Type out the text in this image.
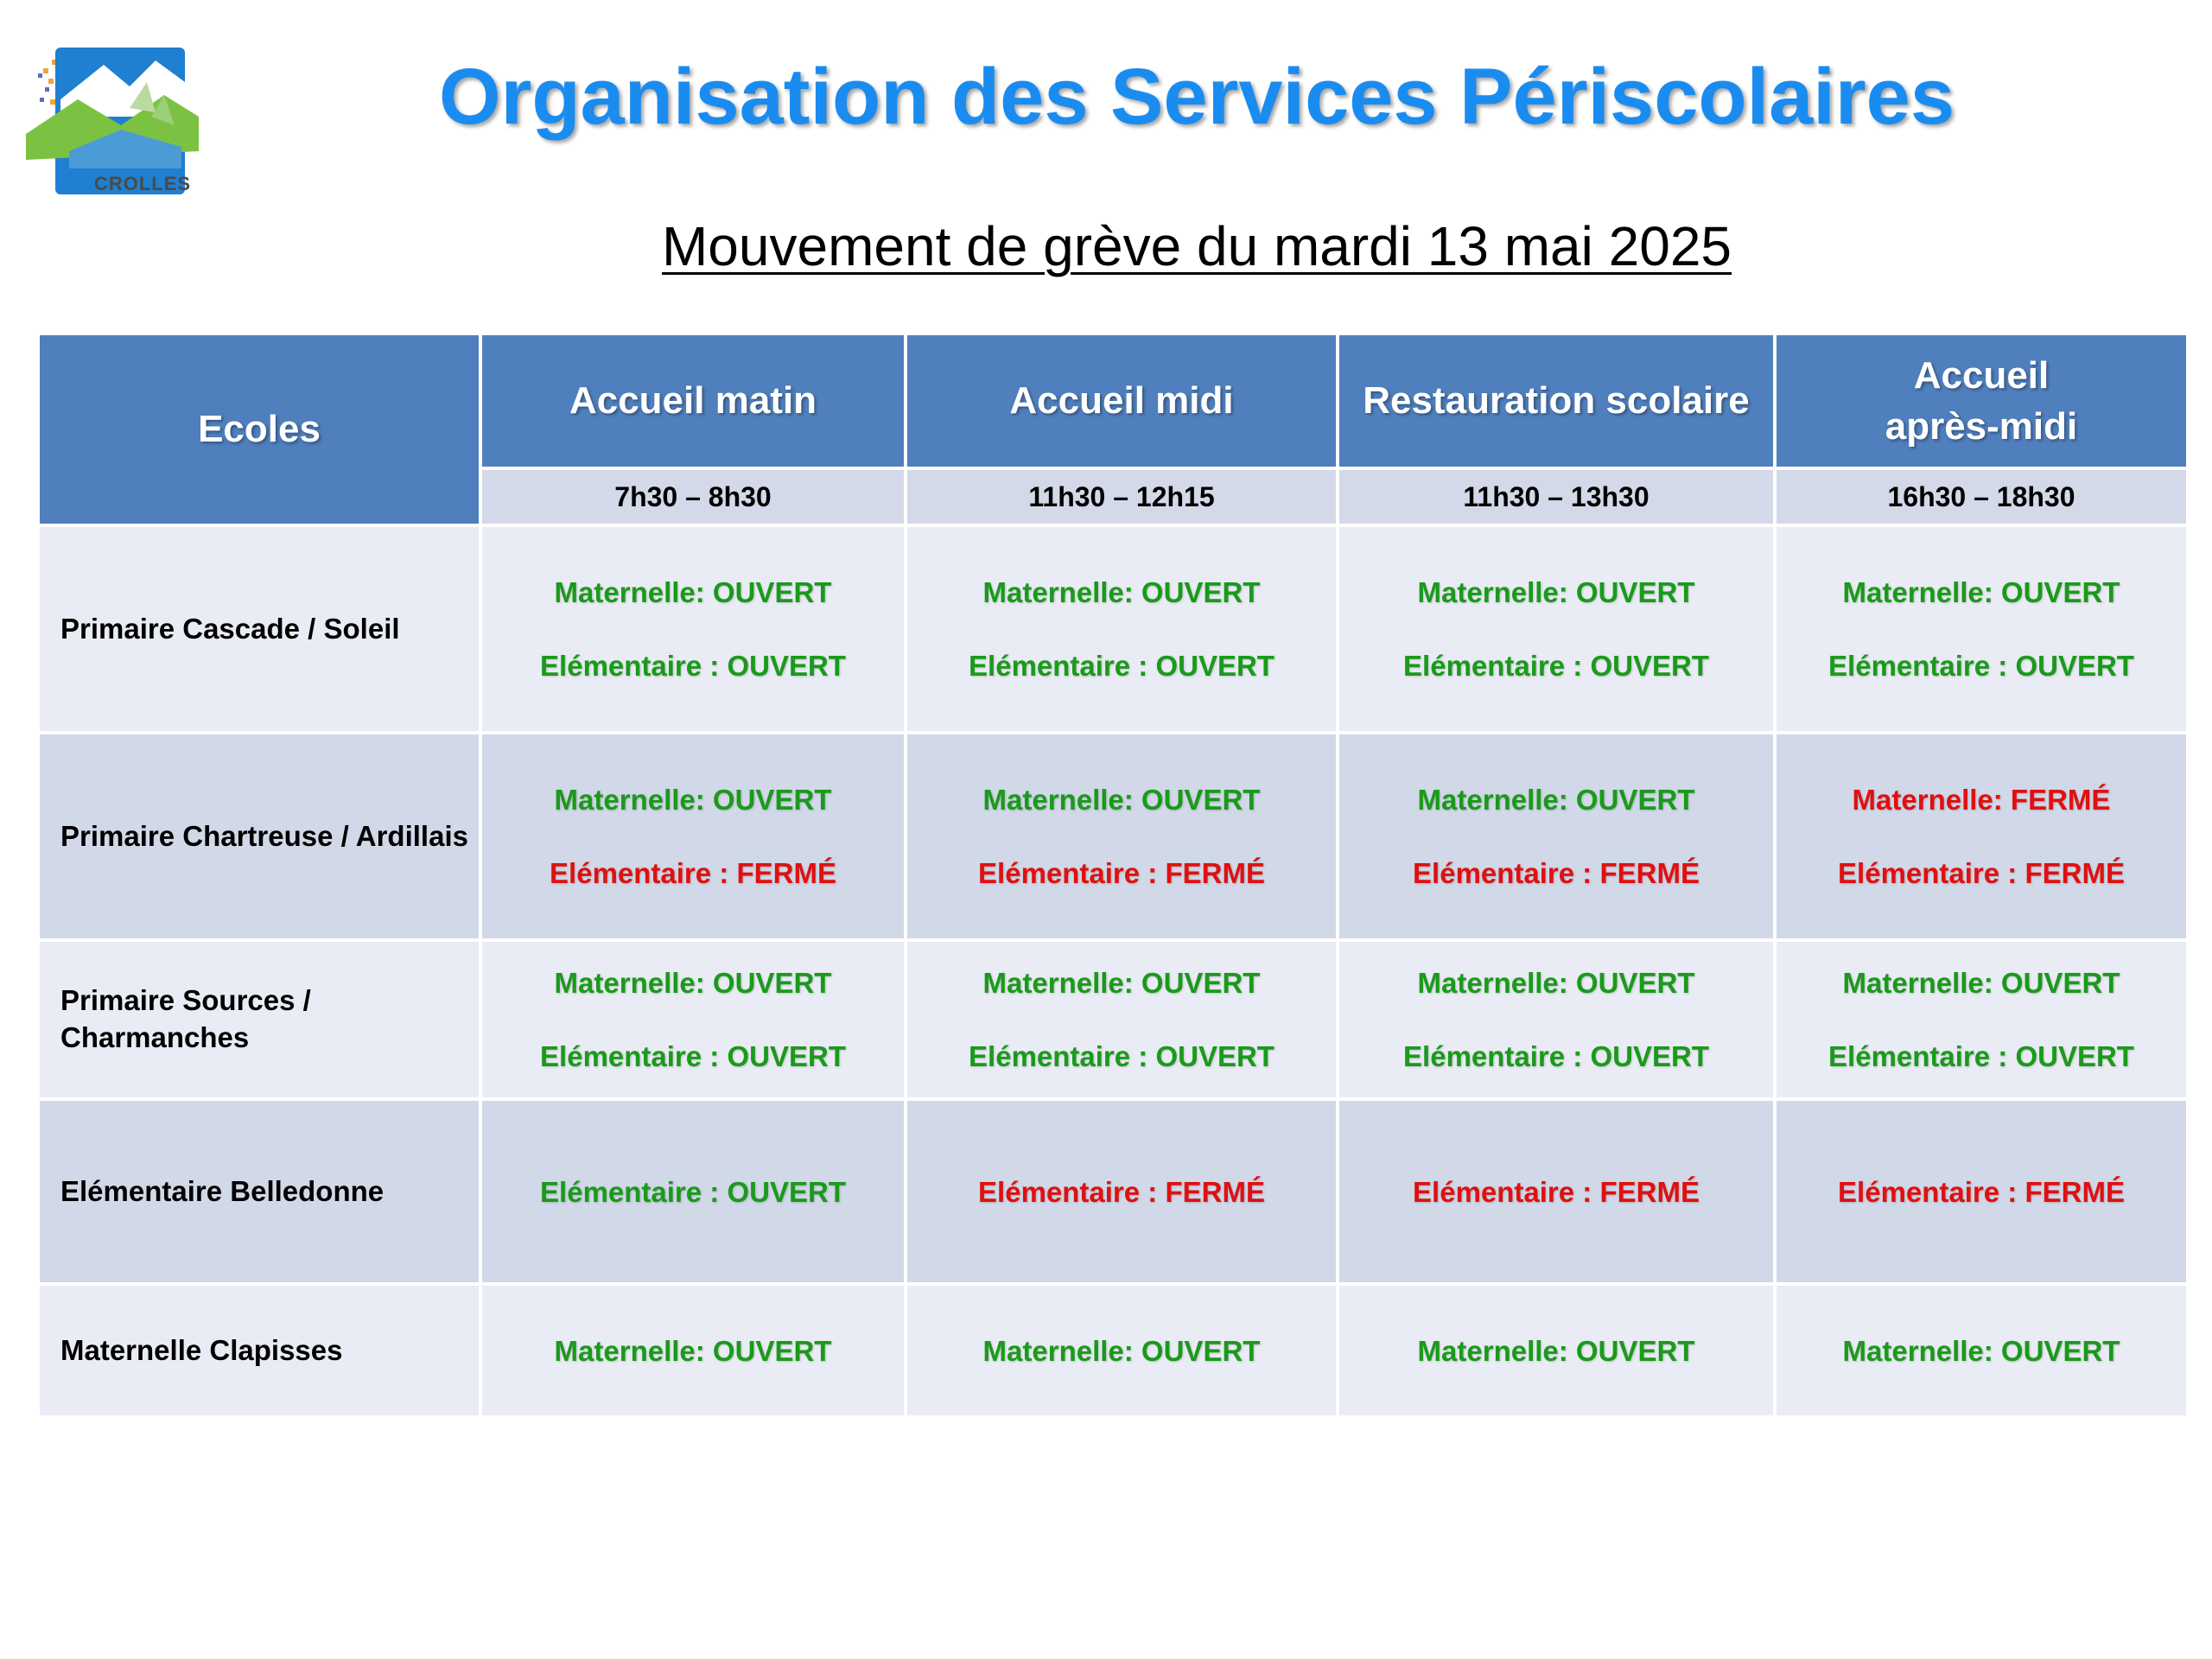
CROLLES
Organisation des Services Périscolaires
Mouvement de grève du mardi 13 mai 2025
Ecoles	Accueil matin	Accueil midi	Restauration scolaire	Accueil
après-midi
	7h30 – 8h30	11h30 – 12h15	11h30 – 13h30	16h30 – 18h30
Primaire Cascade / Soleil	Maternelle: OUVERT
Elémentaire : OUVERT	Maternelle: OUVERT
Elémentaire : OUVERT	Maternelle: OUVERT
Elémentaire : OUVERT	Maternelle: OUVERT
Elémentaire : OUVERT

Primaire Chartreuse / Ardillais	Maternelle: OUVERT
Elémentaire : FERMÉ	Maternelle: OUVERT
Elémentaire : FERMÉ	Maternelle: OUVERT
Elémentaire : FERMÉ	Maternelle: FERMÉ
Elémentaire : FERMÉ

Primaire Sources /
Charmanches	Maternelle: OUVERT
Elémentaire : OUVERT	Maternelle: OUVERT
Elémentaire : OUVERT	Maternelle: OUVERT
Elémentaire : OUVERT	Maternelle: OUVERT
Elémentaire : OUVERT

Elémentaire Belledonne	Elémentaire : OUVERT	Elémentaire : FERMÉ	Elémentaire : FERMÉ	Elémentaire : FERMÉ

Maternelle Clapisses	Maternelle: OUVERT	Maternelle: OUVERT	Maternelle: OUVERT	Maternelle: OUVERT
